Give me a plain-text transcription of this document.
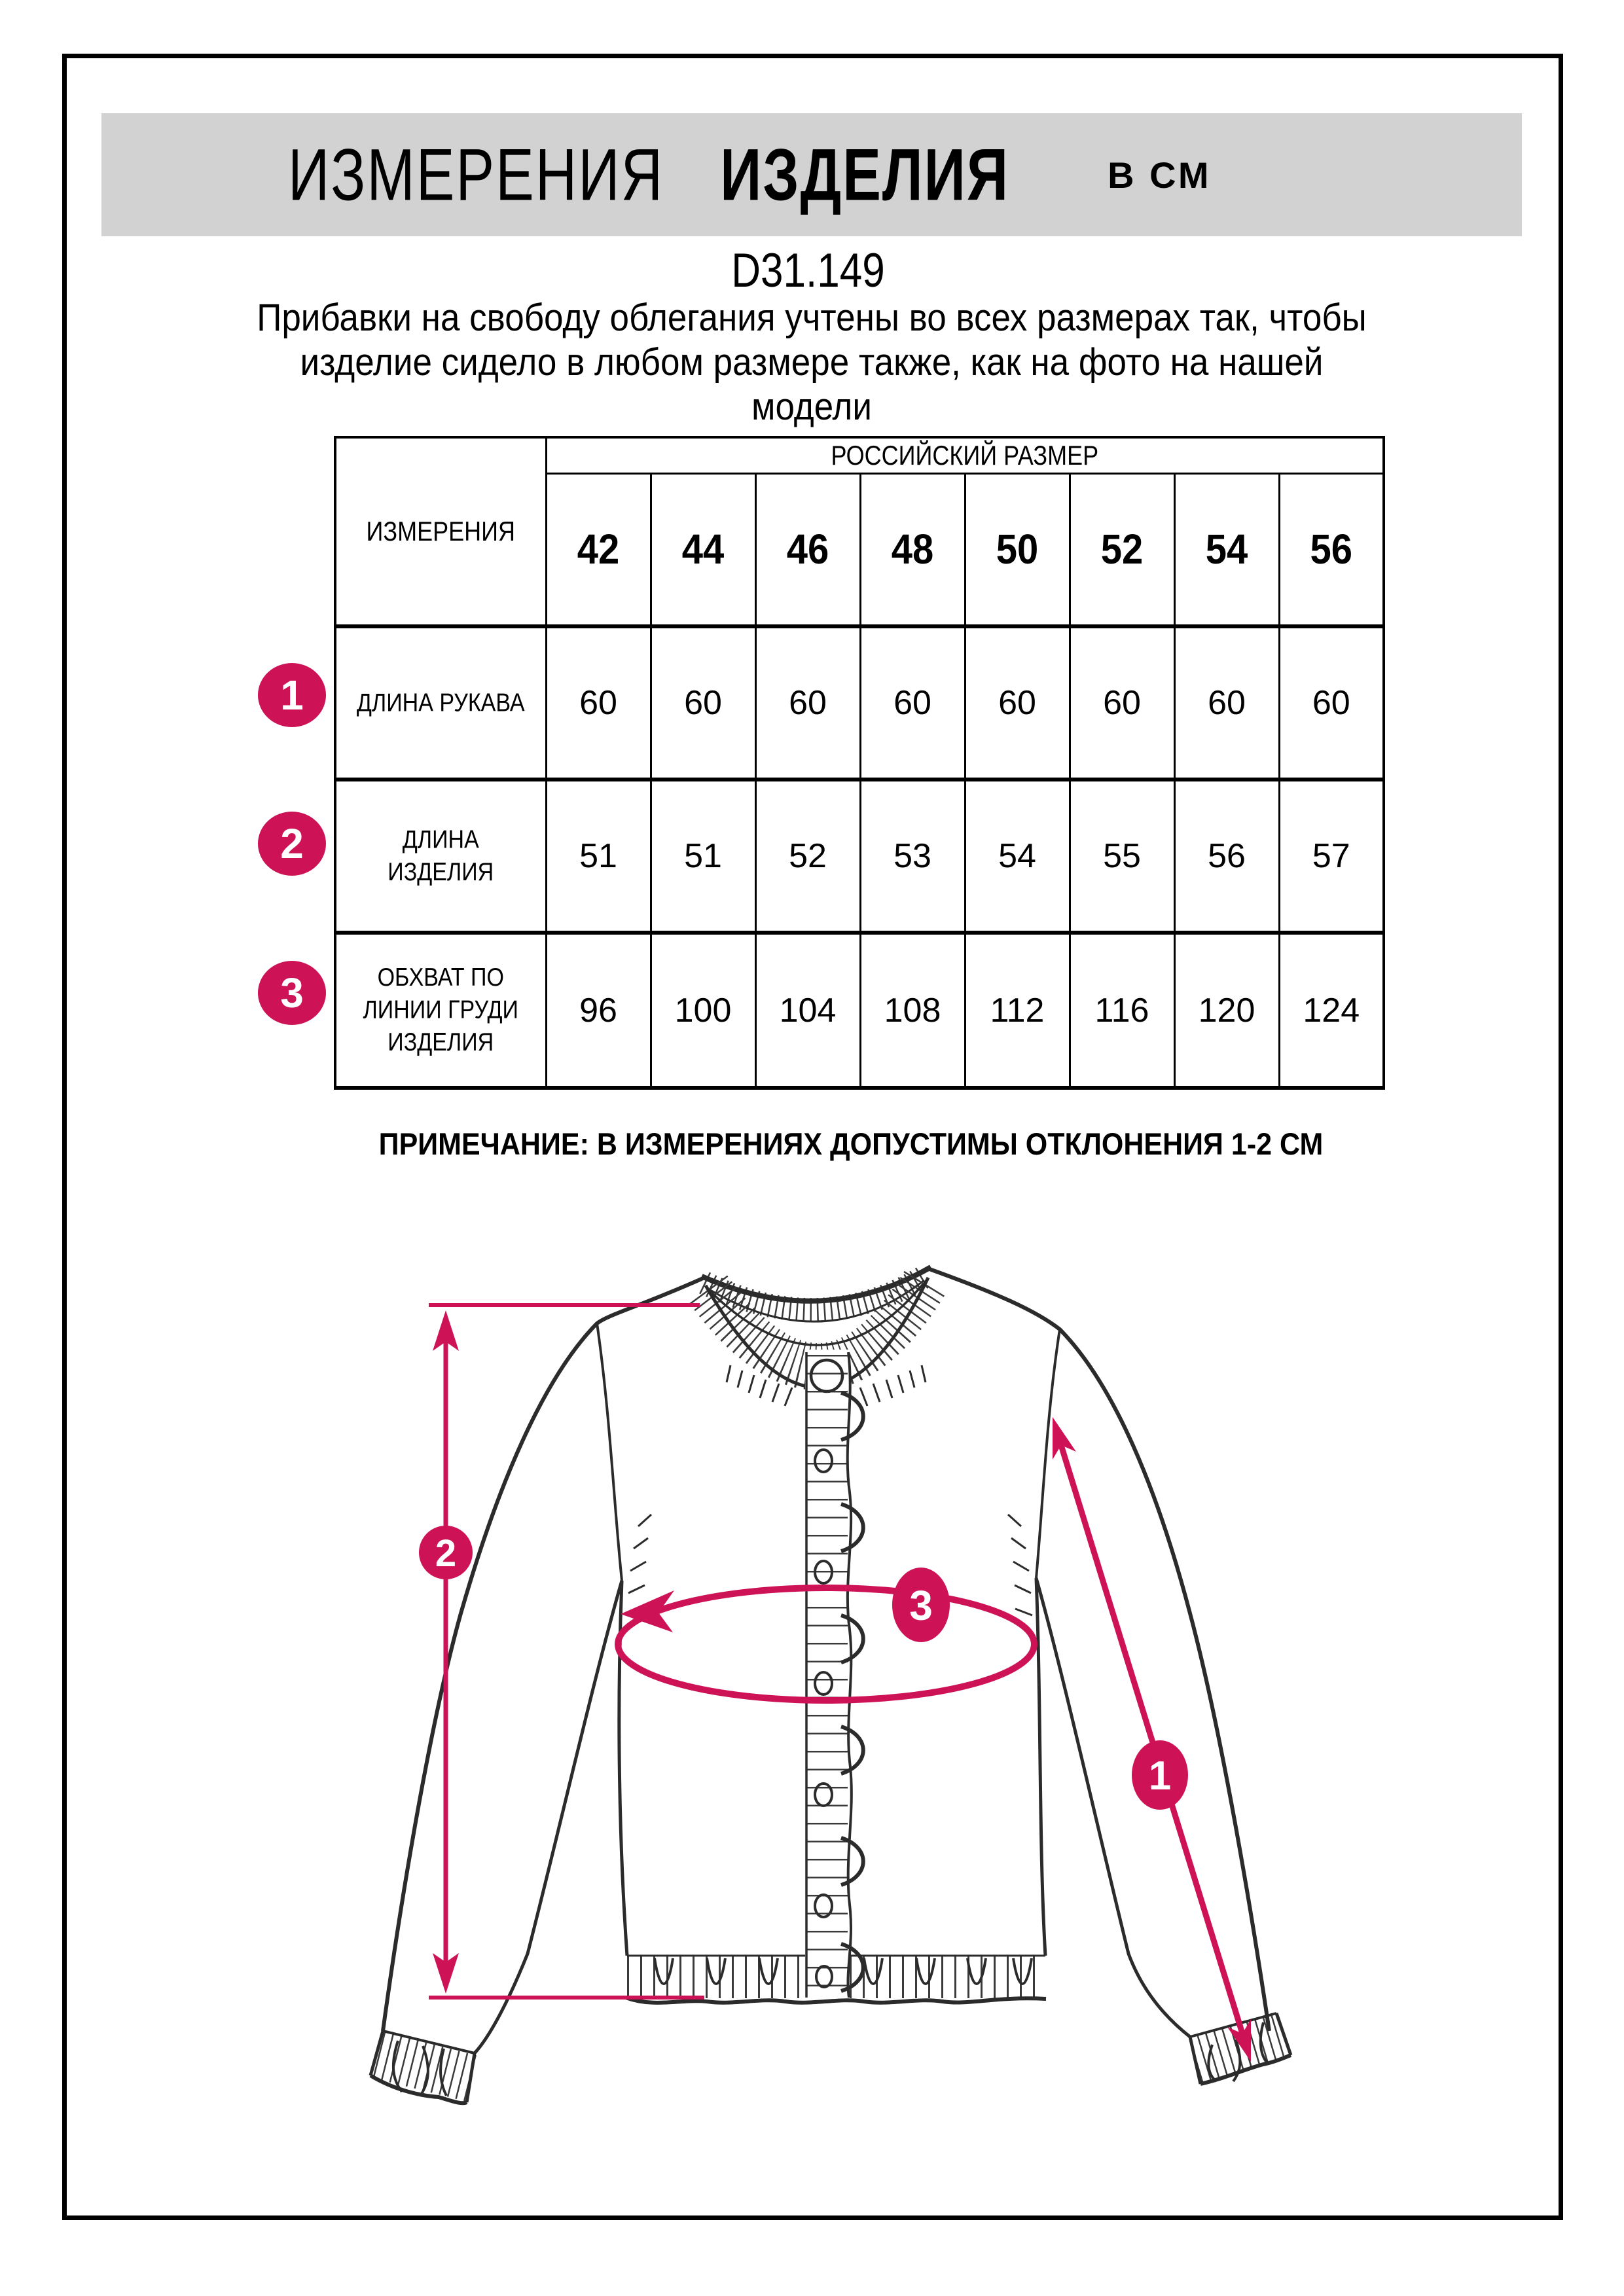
ИЗМЕРЕНИЯ ИЗДЕЛИЯ	В СМ
D31.149
Прибавки на свободу облегания учтены во всех размерах так, чтобы
изделие сидело в любом размере также, как на фото на нашей
модели
ИЗМЕРЕНИЯ	РОССИЙСКИЙ РАЗМЕР							
	42	44	46	48	50	52	54	56
ДЛИНА РУКАВА	60	60	60	60	60	60	60	60
ДЛИНА
ИЗДЕЛИЯ	51	51	52	53	54	55	56	57
ОБХВАТ ПО
ЛИНИИ ГРУДИ
ИЗДЕЛИЯ	96	100	104	108	112	116	120	124
1
2
3
ПРИМЕЧАНИЕ: В ИЗМЕРЕНИЯХ ДОПУСТИМЫ ОТКЛОНЕНИЯ 1-2 СМ
2
3
1
